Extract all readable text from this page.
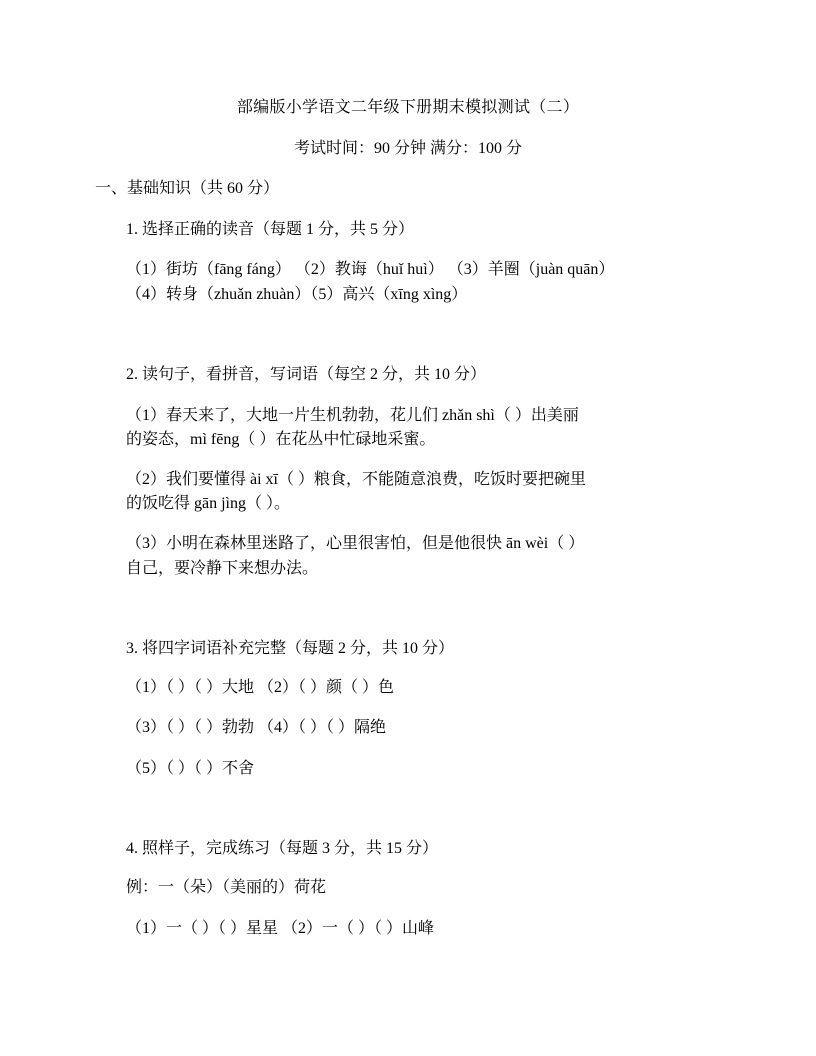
部编版小学语文二年级下册期末模拟测试（二）
考试时间：90 分钟 满分：100 分
一、基础知识（共 60 分）
1. 选择正确的读音（每题 1 分，共 5 分）
（1）街坊（fāng fáng） （2）教诲（huǐ huì） （3）羊圈（juàn quān）
（4）转身（zhuǎn zhuàn）（5）高兴（xīng xìng）
2. 读句子，看拼音，写词语（每空 2 分，共 10 分）
（1）春天来了，大地一片生机勃勃，花儿们 zhǎn shì（ ）出美丽
的姿态，mì fēng（ ）在花丛中忙碌地采蜜。
（2）我们要懂得 ài xī（ ）粮食，不能随意浪费，吃饭时要把碗里
的饭吃得 gān jìng（ ）。
（3）小明在森林里迷路了，心里很害怕，但是他很快 ān wèi（ ）
自己，要冷静下来想办法。
3. 将四字词语补充完整（每题 2 分，共 10 分）
（1）（ ）（ ）大地 （2）（ ）颜（ ）色
（3）（ ）（ ）勃勃 （4）（ ）（ ）隔绝
（5）（ ）（ ）不舍
4. 照样子，完成练习（每题 3 分，共 15 分）
例：一（朵）（美丽的）荷花
（1）一（ ）（ ）星星 （2）一（ ）（ ）山峰
